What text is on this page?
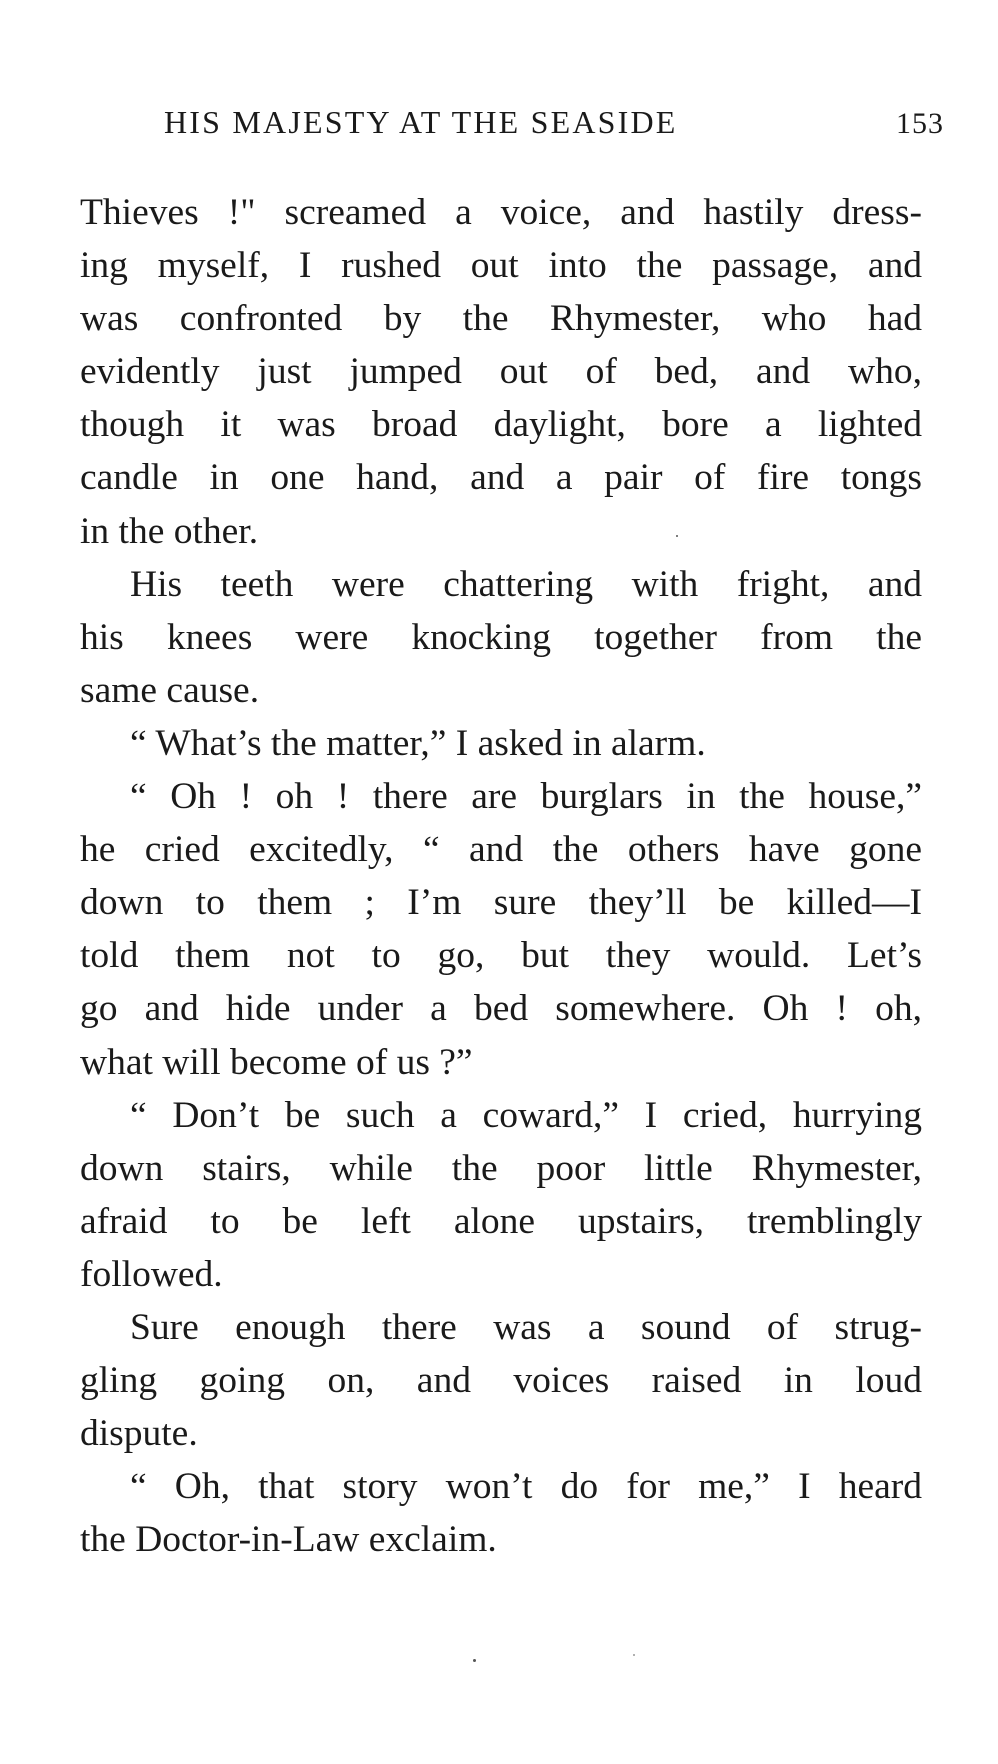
HIS MAJESTY AT THE SEASIDE	153
Thieves !" screamed a voice, and hastily dress-
ing myself, I rushed out into the passage, and
was confronted by the Rhymester, who had
evidently just jumped out of bed, and who,
though it was broad daylight, bore a lighted
candle in one hand, and a pair of fire tongs
in the other.
His teeth were chattering with fright, and
his knees were knocking together from the
same cause.
“ What’s the matter,” I asked in alarm.
“ Oh ! oh ! there are burglars in the house,”
he cried excitedly, “ and the others have gone
down to them ; I’m sure they’ll be killed—I
told them not to go, but they would. Let’s
go and hide under a bed somewhere. Oh ! oh,
what will become of us ?”
“ Don’t be such a coward,” I cried, hurrying
down stairs, while the poor little Rhymester,
afraid to be left alone upstairs, tremblingly
followed.
Sure enough there was a sound of strug-
gling going on, and voices raised in loud
dispute.
“ Oh, that story won’t do for me,” I heard
the Doctor-in-Law exclaim.
